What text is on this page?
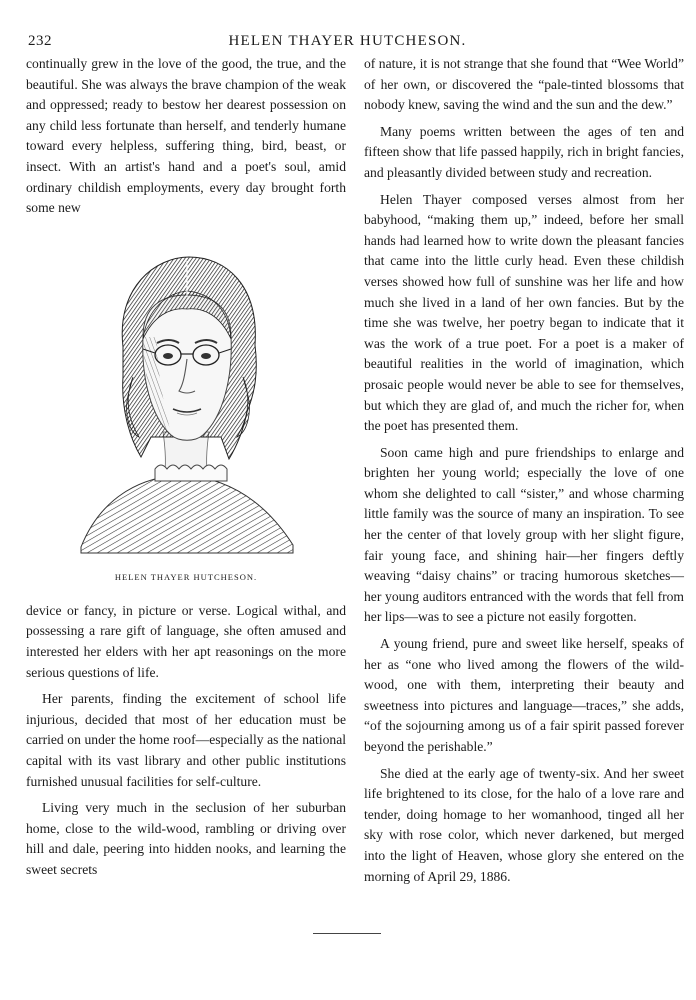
232	HELEN THAYER HUTCHESON.

continually grew in the love of the good, the true, and the beautiful. She was always the brave champion of the weak and oppressed; ready to bestow her dearest possession on any child less fortunate than herself, and tenderly humane toward every helpless, suffering thing, bird, beast, or insect. With an artist's hand and a poet's soul, amid ordinary childish employments, every day brought forth some new

HELEN THAYER HUTCHESON.

device or fancy, in picture or verse. Logical withal, and possessing a rare gift of language, she often amused and interested her elders with her apt reasonings on the more serious questions of life.

Her parents, finding the excitement of school life injurious, decided that most of her education must be carried on under the home roof—especially as the national capital with its vast library and other public institutions furnished unusual facilities for self-culture.

Living very much in the seclusion of her suburban home, close to the wild-wood, rambling or driving over hill and dale, peering into hidden nooks, and learning the sweet secrets

of nature, it is not strange that she found that “Wee World” of her own, or discovered the “pale-tinted blossoms that nobody knew, saving the wind and the sun and the dew.”

Many poems written between the ages of ten and fifteen show that life passed happily, rich in bright fancies, and pleasantly divided between study and recreation.

Helen Thayer composed verses almost from her babyhood, “making them up,” indeed, before her small hands had learned how to write down the pleasant fancies that came into the little curly head. Even these childish verses showed how full of sunshine was her life and how much she lived in a land of her own fancies. But by the time she was twelve, her poetry began to indicate that it was the work of a true poet. For a poet is a maker of beautiful realities in the world of imagination, which prosaic people would never be able to see for themselves, but which they are glad of, and much the richer for, when the poet has presented them.

Soon came high and pure friendships to enlarge and brighten her young world; especially the love of one whom she delighted to call “sister,” and whose charming little family was the source of many an inspiration. To see her the center of that lovely group with her slight figure, fair young face, and shining hair—her fingers deftly weaving “daisy chains” or tracing humorous sketches—her young auditors entranced with the words that fell from her lips—was to see a picture not easily forgotten.

A young friend, pure and sweet like herself, speaks of her as “one who lived among the flowers of the wild-wood, one with them, interpreting their beauty and sweetness into pictures and language—traces,” she adds, “of the sojourning among us of a fair spirit passed forever beyond the perishable.”

She died at the early age of twenty-six. And her sweet life brightened to its close, for the halo of a love rare and tender, doing homage to her womanhood, tinged all her sky with rose color, which never darkened, but merged into the light of Heaven, whose glory she entered on the morning of April 29, 1886.
